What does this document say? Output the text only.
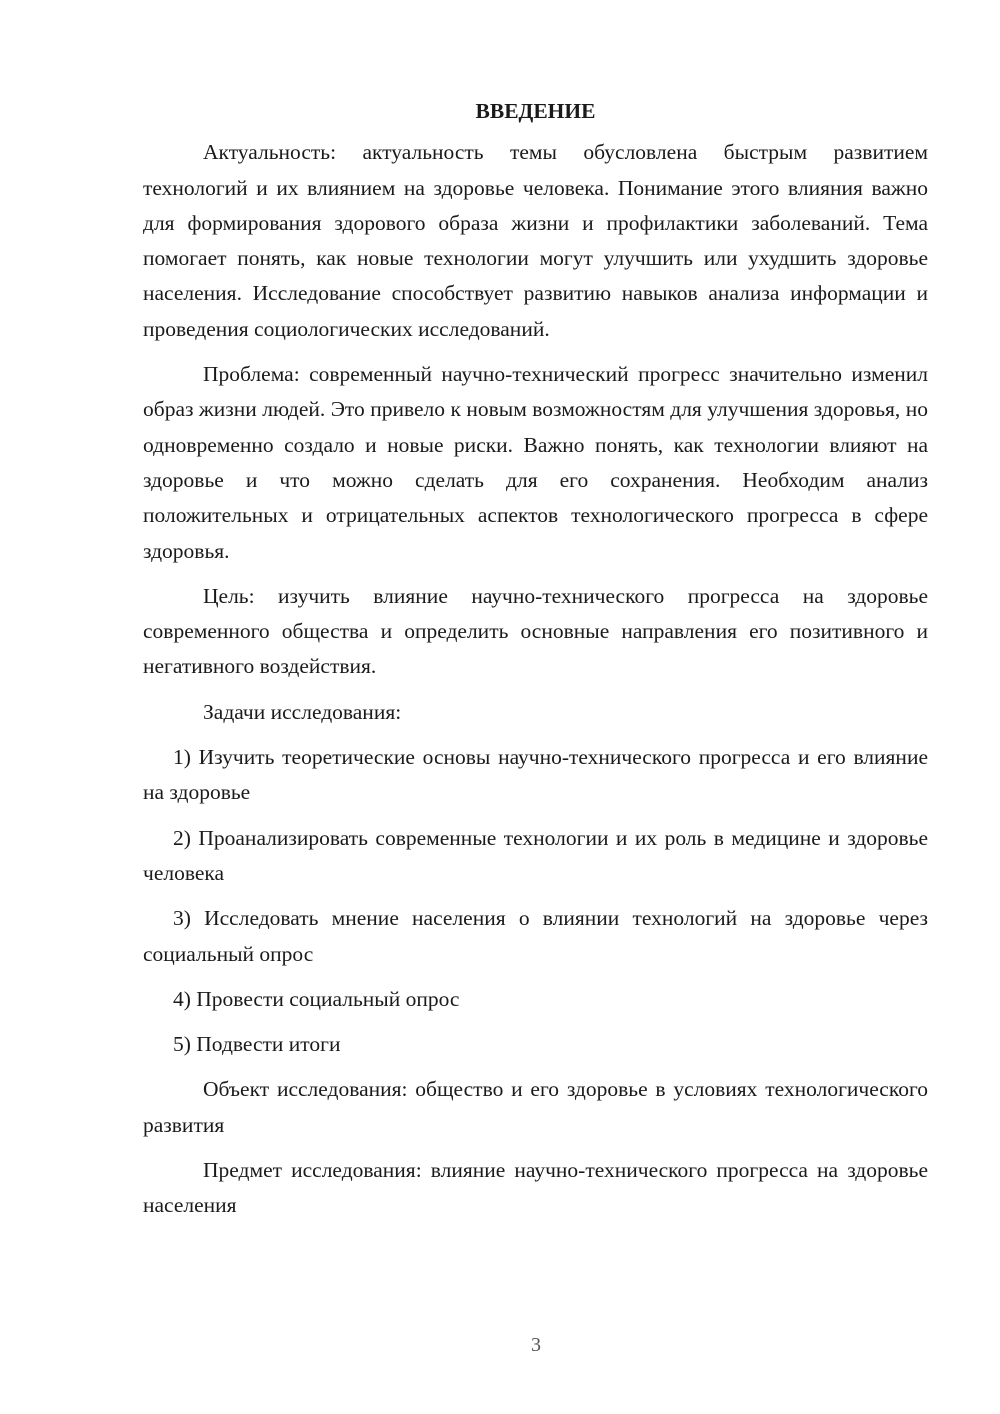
ВВЕДЕНИЕ

Актуальность: актуальность темы обусловлена быстрым развитием технологий и их влиянием на здоровье человека. Понимание этого влияния важно для формирования здорового образа жизни и профилактики заболеваний. Тема помогает понять, как новые технологии могут улучшить или ухудшить здоровье населения. Исследование способствует развитию навыков анализа информации и проведения социологических исследований.

Проблема: современный научно-технический прогресс значительно изменил образ жизни людей. Это привело к новым возможностям для улучшения здоровья, но одновременно создало и новые риски. Важно понять, как технологии влияют на здоровье и что можно сделать для его сохранения. Необходим анализ положительных и отрицательных аспектов технологического прогресса в сфере здоровья.

Цель: изучить влияние научно-технического прогресса на здоровье современного общества и определить основные направления его позитивного и негативного воздействия.

Задачи исследования:

1) Изучить теоретические основы научно-технического прогресса и его влияние на здоровье

2) Проанализировать современные технологии и их роль в медицине и здоровье человека

3) Исследовать мнение населения о влиянии технологий на здоровье через социальный опрос

4) Провести социальный опрос

5) Подвести итоги

Объект исследования: общество и его здоровье в условиях технологического развития

Предмет исследования: влияние научно-технического прогресса на здоровье населения

3
